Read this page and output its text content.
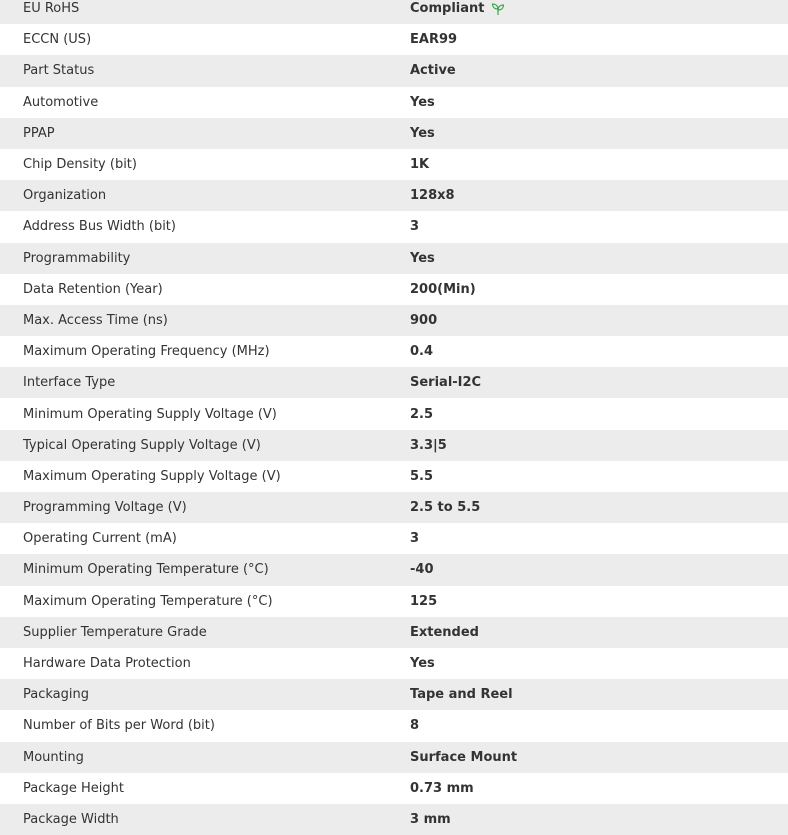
EU RoHS	Compliant
ECCN (US)	EAR99
Part Status	Active
Automotive	Yes
PPAP	Yes
Chip Density (bit)	1K
Organization	128x8
Address Bus Width (bit)	3
Programmability	Yes
Data Retention (Year)	200(Min)
Max. Access Time (ns)	900
Maximum Operating Frequency (MHz)	0.4
Interface Type	Serial-I2C
Minimum Operating Supply Voltage (V)	2.5
Typical Operating Supply Voltage (V)	3.3|5
Maximum Operating Supply Voltage (V)	5.5
Programming Voltage (V)	2.5 to 5.5
Operating Current (mA)	3
Minimum Operating Temperature (°C)	-40
Maximum Operating Temperature (°C)	125
Supplier Temperature Grade	Extended
Hardware Data Protection	Yes
Packaging	Tape and Reel
Number of Bits per Word (bit)	8
Mounting	Surface Mount
Package Height	0.73 mm
Package Width	3 mm
